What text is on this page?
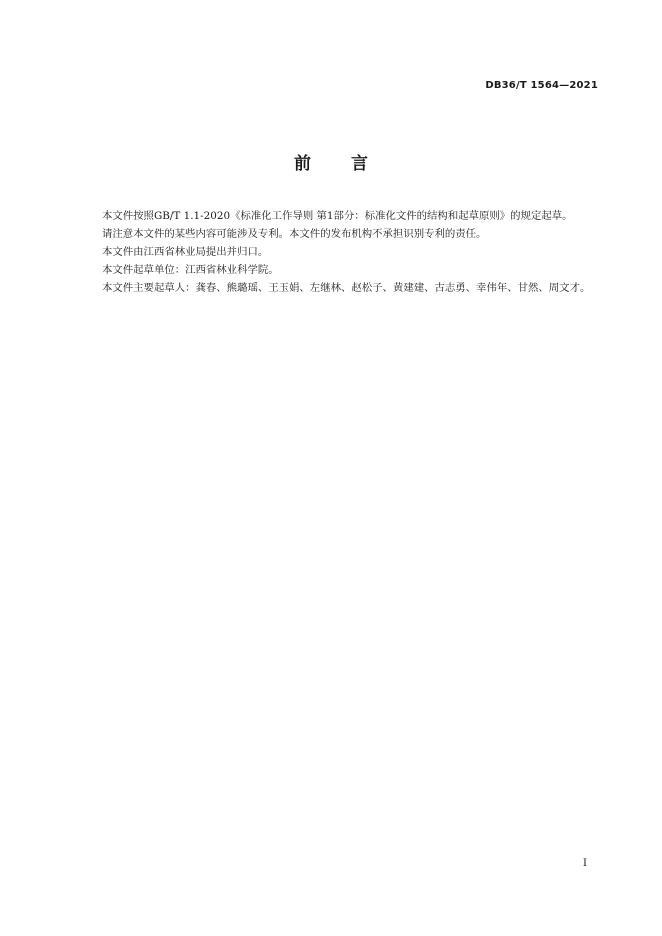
DB36/T 1564—2021
前 言

本文件按照GB/T 1.1-2020《标准化工作导则 第1部分：标准化文件的结构和起草原则》的规定起草。

请注意本文件的某些内容可能涉及专利。本文件的发布机构不承担识别专利的责任。

本文件由江西省林业局提出并归口。

本文件起草单位：江西省林业科学院。

本文件主要起草人：龚春、熊璐瑶、王玉娟、左继林、赵松子、黄建建、古志勇、幸伟年、甘然、周文才。

I
